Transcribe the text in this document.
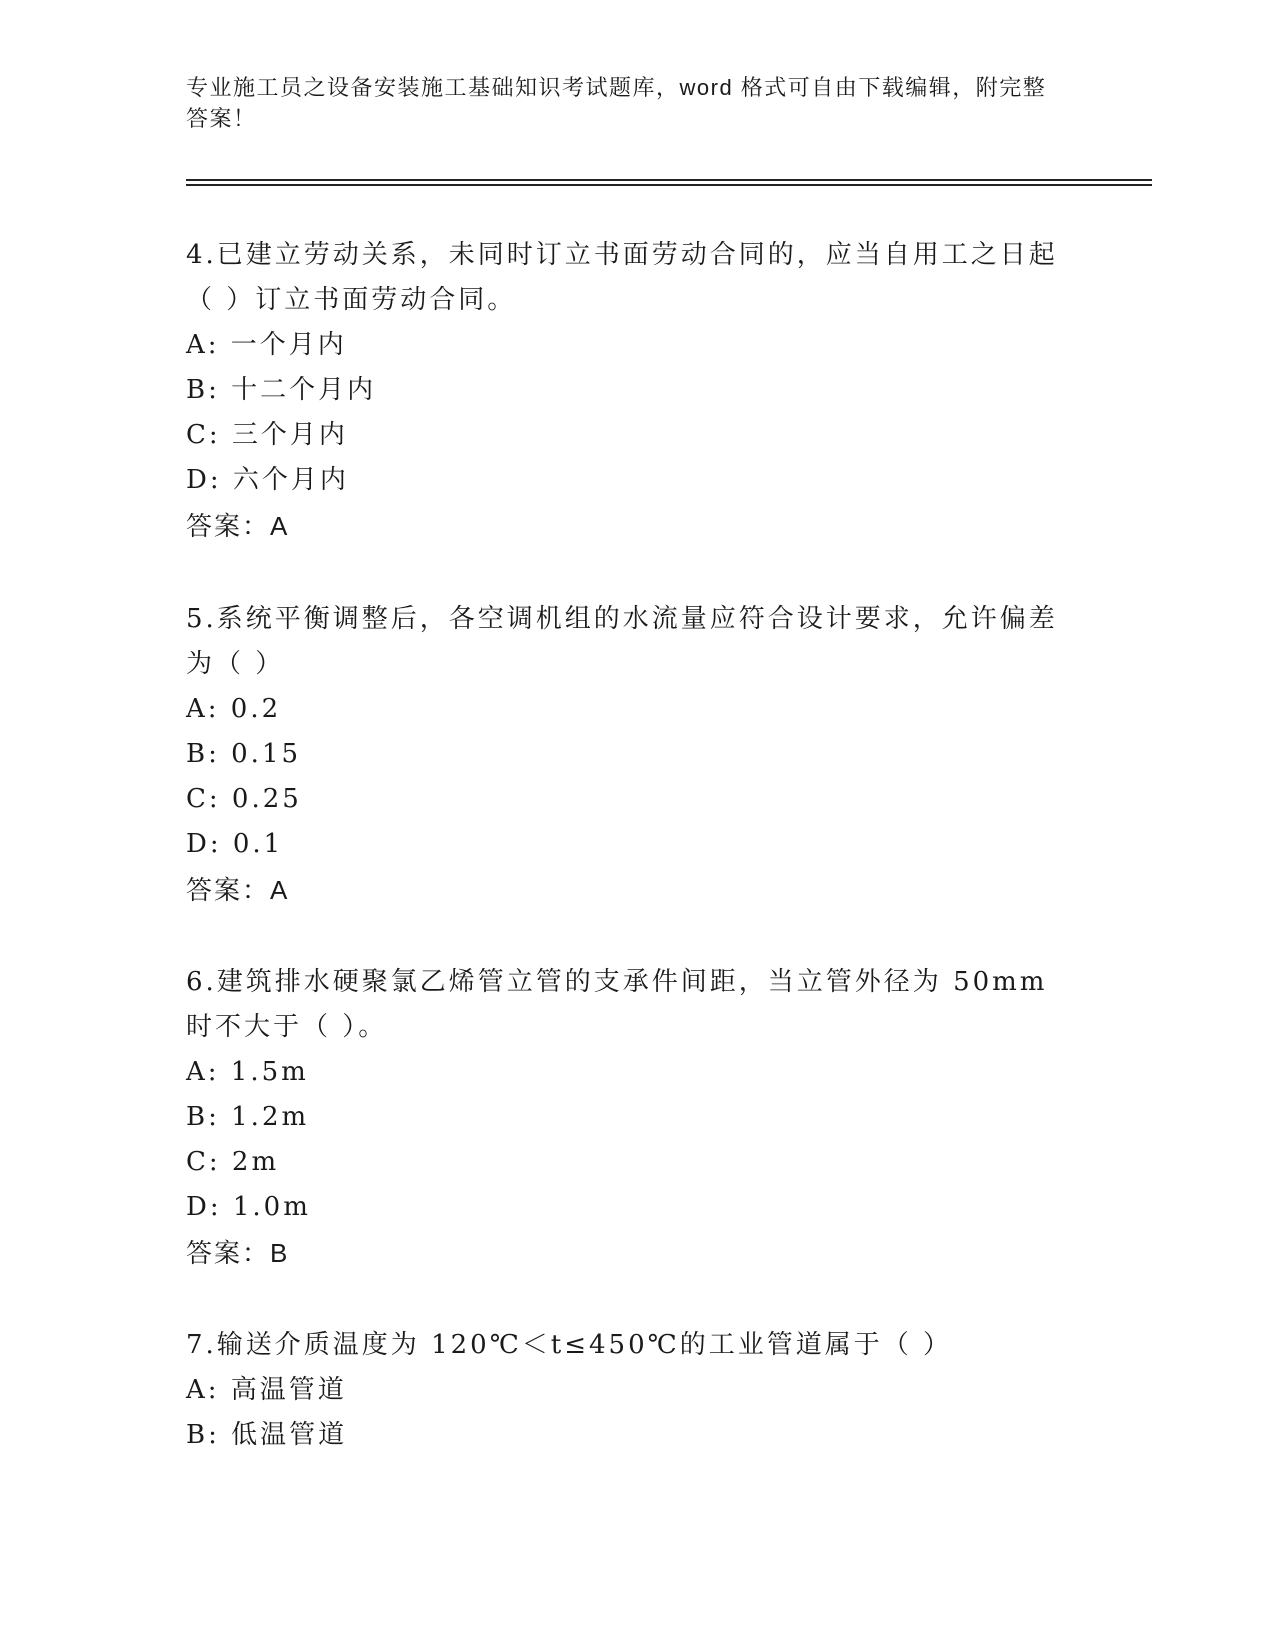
专业施工员之设备安装施工基础知识考试题库，word 格式可自由下载编辑，附完整答案！
4.已建立劳动关系，未同时订立书面劳动合同的，应当自用工之日起（ ）订立书面劳动合同。
A: 一个月内
B: 十二个月内
C: 三个月内
D: 六个月内
答案：A
5.系统平衡调整后，各空调机组的水流量应符合设计要求，允许偏差为（ ）
A: 0.2
B: 0.15
C: 0.25
D: 0.1
答案：A
6.建筑排水硬聚氯乙烯管立管的支承件间距，当立管外径为 50mm 时不大于（ ）。
A: 1.5m
B: 1.2m
C: 2m
D: 1.0m
答案：B
7.输送介质温度为 120℃＜t≤450℃的工业管道属于（ ）
A: 高温管道
B: 低温管道
